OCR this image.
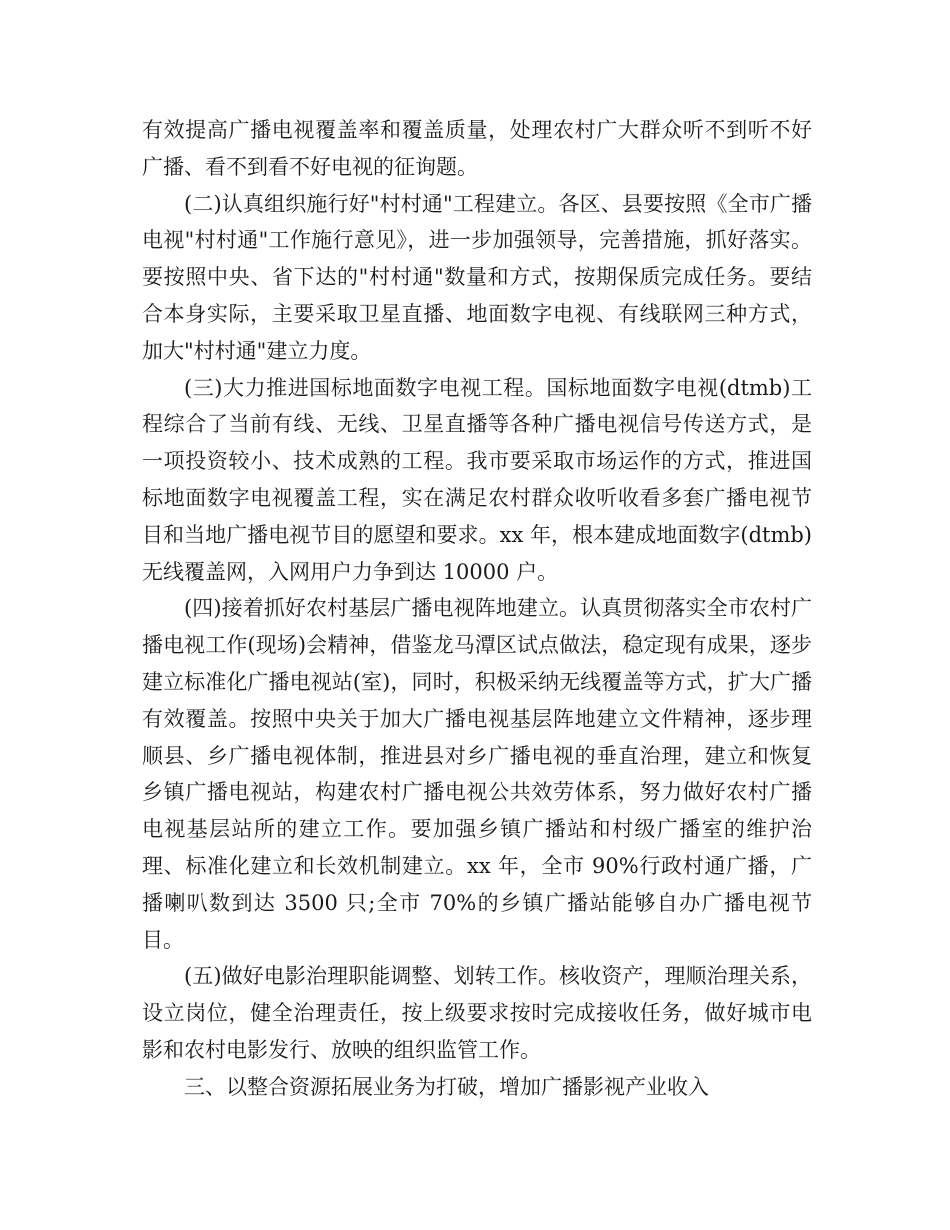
有效提高广播电视覆盖率和覆盖质量，处理农村广大群众听不到听不好广播、看不到看不好电视的征询题。

(二)认真组织施行好"村村通"工程建立。各区、县要按照《全市广播电视"村村通"工作施行意见》，进一步加强领导，完善措施，抓好落实。要按照中央、省下达的"村村通"数量和方式，按期保质完成任务。要结合本身实际，主要采取卫星直播、地面数字电视、有线联网三种方式，加大"村村通"建立力度。

(三)大力推进国标地面数字电视工程。国标地面数字电视(dtmb)工程综合了当前有线、无线、卫星直播等各种广播电视信号传送方式，是一项投资较小、技术成熟的工程。我市要采取市场运作的方式，推进国标地面数字电视覆盖工程，实在满足农村群众收听收看多套广播电视节目和当地广播电视节目的愿望和要求。xx 年，根本建成地面数字(dtmb)无线覆盖网，入网用户力争到达 10000 户。

(四)接着抓好农村基层广播电视阵地建立。认真贯彻落实全市农村广播电视工作(现场)会精神，借鉴龙马潭区试点做法，稳定现有成果，逐步建立标准化广播电视站(室)，同时，积极采纳无线覆盖等方式，扩大广播有效覆盖。按照中央关于加大广播电视基层阵地建立文件精神，逐步理顺县、乡广播电视体制，推进县对乡广播电视的垂直治理，建立和恢复乡镇广播电视站，构建农村广播电视公共效劳体系，努力做好农村广播电视基层站所的建立工作。要加强乡镇广播站和村级广播室的维护治理、标准化建立和长效机制建立。xx 年，全市 90%行政村通广播，广播喇叭数到达 3500 只;全市 70%的乡镇广播站能够自办广播电视节目。

(五)做好电影治理职能调整、划转工作。核收资产，理顺治理关系，设立岗位，健全治理责任，按上级要求按时完成接收任务，做好城市电影和农村电影发行、放映的组织监管工作。

三、以整合资源拓展业务为打破，增加广播影视产业收入
